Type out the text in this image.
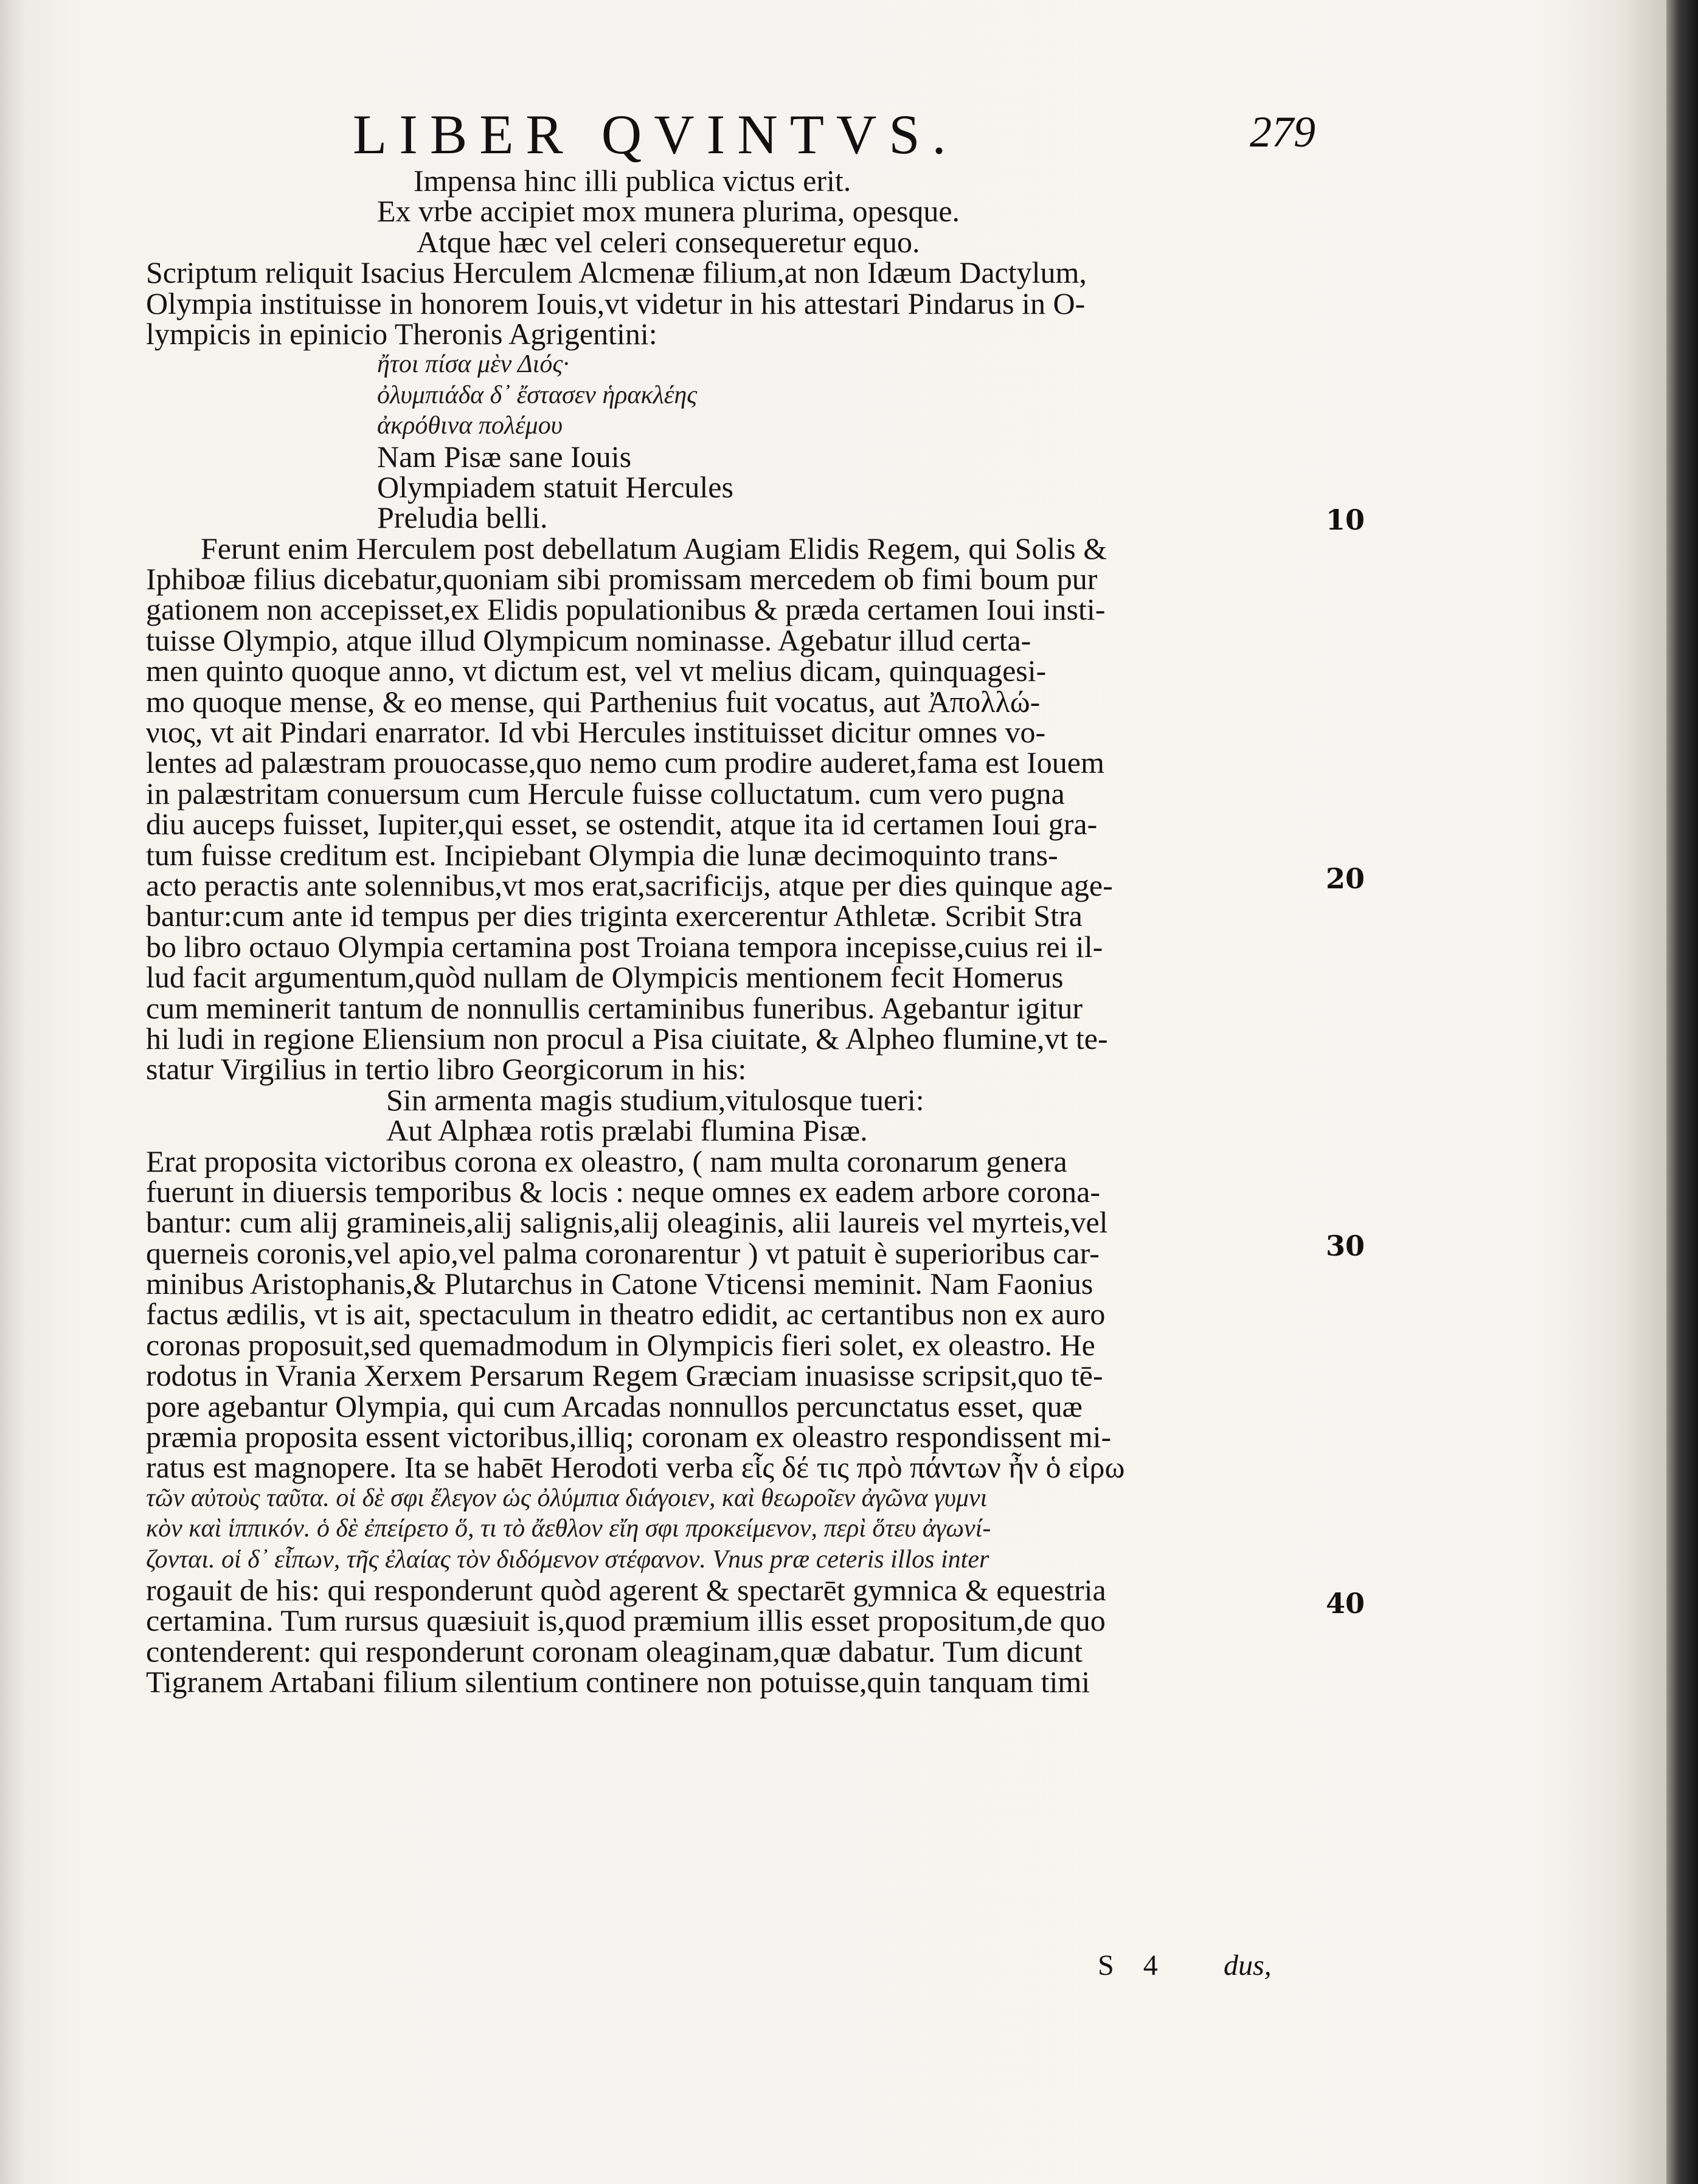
LIBER QVINTVS.	279
Impensa hinc illi publica victus erit.
Ex vrbe accipiet mox munera plurima, opesque.
Atque hæc vel celeri consequeretur equo.
Scriptum reliquit Isacius Herculem Alcmenæ filium,at non Idæum Dactylum,
Olympia instituisse in honorem Iouis,vt videtur in his attestari Pindarus in O-
lympicis in epinicio Theronis Agrigentini:
ἤτοι πίσα μὲν Διός·
ὀλυμπιάδα δ᾽ ἔστασεν ἡρακλέης
ἀκρόθινα πολέμου
Nam Pisæ sane Iouis
Olympiadem statuit Hercules
Preludia belli.
Ferunt enim Herculem post debellatum Augiam Elidis Regem, qui Solis &
Iphiboæ filius dicebatur,quoniam sibi promissam mercedem ob fimi boum pur
gationem non accepisset,ex Elidis populationibus & præda certamen Ioui insti-
tuisse Olympio, atque illud Olympicum nominasse. Agebatur illud certa-
men quinto quoque anno, vt dictum est, vel vt melius dicam, quinquagesi-
mo quoque mense, & eo mense, qui Parthenius fuit vocatus, aut Ἀπολλώ-
νιος, vt ait Pindari enarrator. Id vbi Hercules instituisset dicitur omnes vo-
lentes ad palæstram prouocasse,quo nemo cum prodire auderet,fama est Iouem
in palæstritam conuersum cum Hercule fuisse colluctatum. cum vero pugna
diu auceps fuisset, Iupiter,qui esset, se ostendit, atque ita id certamen Ioui gra-
tum fuisse creditum est. Incipiebant Olympia die lunæ decimoquinto trans-
acto peractis ante solennibus,vt mos erat,sacrificijs, atque per dies quinque age-
bantur:cum ante id tempus per dies triginta exercerentur Athletæ. Scribit Stra
bo libro octauo Olympia certamina post Troiana tempora incepisse,cuius rei il-
lud facit argumentum,quòd nullam de Olympicis mentionem fecit Homerus
cum meminerit tantum de nonnullis certaminibus funeribus. Agebantur igitur
hi ludi in regione Eliensium non procul a Pisa ciuitate, & Alpheo flumine,vt te-
statur Virgilius in tertio libro Georgicorum in his:
Sin armenta magis studium,vitulosque tueri:
Aut Alphæa rotis prælabi flumina Pisæ.
Erat proposita victoribus corona ex oleastro, ( nam multa coronarum genera
fuerunt in diuersis temporibus & locis : neque omnes ex eadem arbore corona-
bantur: cum alij gramineis,alij salignis,alij oleaginis, alii laureis vel myrteis,vel
querneis coronis,vel apio,vel palma coronarentur ) vt patuit è superioribus car-
minibus Aristophanis,& Plutarchus in Catone Vticensi meminit. Nam Faonius
factus ædilis, vt is ait, spectaculum in theatro edidit, ac certantibus non ex auro
coronas proposuit,sed quemadmodum in Olympicis fieri solet, ex oleastro. He
rodotus in Vrania Xerxem Persarum Regem Græciam inuasisse scripsit,quo tē-
pore agebantur Olympia, qui cum Arcadas nonnullos percunctatus esset, quæ
præmia proposita essent victoribus,illiq; coronam ex oleastro respondissent mi-
ratus est magnopere. Ita se habēt Herodoti verba εἷς δέ τις πρὸ πάντων ἦν ὁ εἰρω
τῶν αὐτοὺς ταῦτα. οἱ δὲ σφι ἔλεγον ὡς ὀλύμπια διάγοιεν, καὶ θεωροῖεν ἀγῶνα γυμνι
κὸν καὶ ἱππικόν. ὁ δὲ ἐπείρετο ὅ, τι τὸ ἄεθλον εἴη σφι προκείμενον, περὶ ὅτευ ἀγωνί-
ζονται. οἱ δ᾽ εἶπων, τῆς ἐλαίας τὸν διδόμενον στέφανον. Vnus præ ceteris illos inter
rogauit de his: qui responderunt quòd agerent & spectarēt gymnica & equestria
certamina. Tum rursus quæsiuit is,quod præmium illis esset propositum,de quo
contenderent: qui responderunt coronam oleaginam,quæ dabatur. Tum dicunt
Tigranem Artabani filium silentium continere non potuisse,quin tanquam timi
10
20
30
40
S 4 dus,
